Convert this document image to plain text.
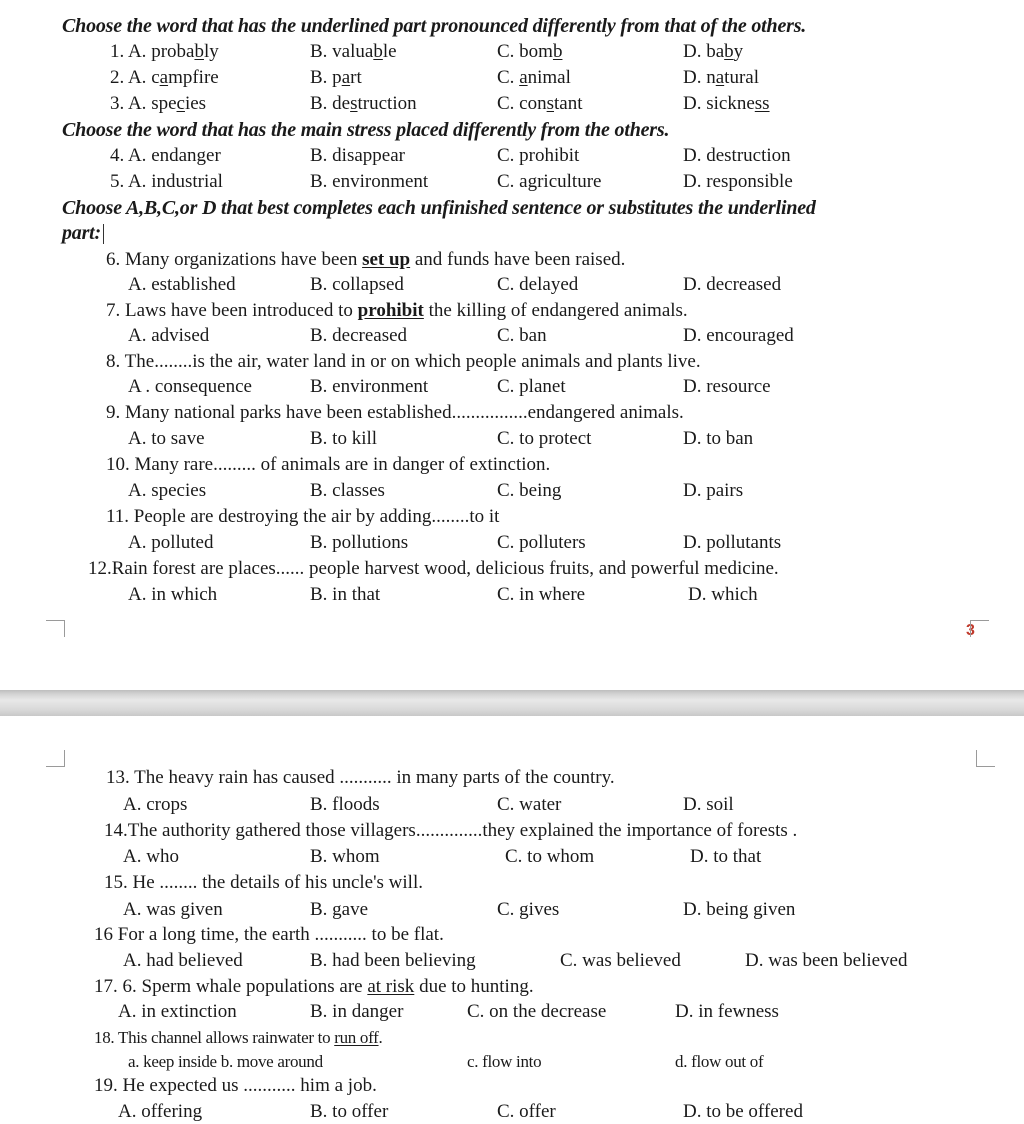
Choose the word that has the underlined part pronounced differently from that of the others.
1. A. probably	B. valuable	C. bomb	D. baby
2. A. campfire	B. part	C. animal	D. natural
3. A. species	B. destruction	C. constant	D. sickness
Choose the word that has the main stress placed differently from the others.
4. A. endanger	B. disappear	C. prohibit	D. destruction
5. A. industrial	B. environment	C. agriculture	D. responsible
Choose A,B,C,or D that best completes each unfinished sentence or substitutes the underlined
part:
6. Many organizations have been set up and funds have been raised.
A. established	B. collapsed	C. delayed	D. decreased
7. Laws have been introduced to prohibit the killing of endangered animals.
A. advised	B. decreased	C. ban	D. encouraged
8. The........is the air, water land in or on which people animals and plants live.
A . consequence	B. environment	C. planet	D. resource
9. Many national parks have been established................endangered animals.
A. to save	B. to kill	C. to protect	D. to ban
10. Many rare......... of animals are in danger of extinction.
A. species	B. classes	C. being	D. pairs
11. People are destroying the air by adding........to it
A. polluted	B. pollutions	C. polluters	D. pollutants
12.Rain forest are places...... people harvest wood, delicious fruits, and powerful medicine.
A. in which	B. in that	C. in where	D. which
3
13. The heavy rain has caused ........... in many parts of the country.
A. crops	B. floods	C. water	D. soil
14.The authority gathered those villagers..............they explained the importance of forests .
A. who	B. whom	C. to whom	D. to that
15. He ........ the details of his uncle's will.
A. was given	B. gave	C. gives	D. being given
16 For a long time, the earth ........... to be flat.
A. had believed	B. had been believing	C. was believed	D. was been believed
17. 6. Sperm whale populations are at risk due to hunting.
A. in extinction	B. in danger	C. on the decrease	D. in fewness
18. This channel allows rainwater to run off.
a. keep inside b. move around	c. flow into	d. flow out of
19. He expected us ........... him a job.
A. offering	B. to offer	C. offer	D. to be offered
